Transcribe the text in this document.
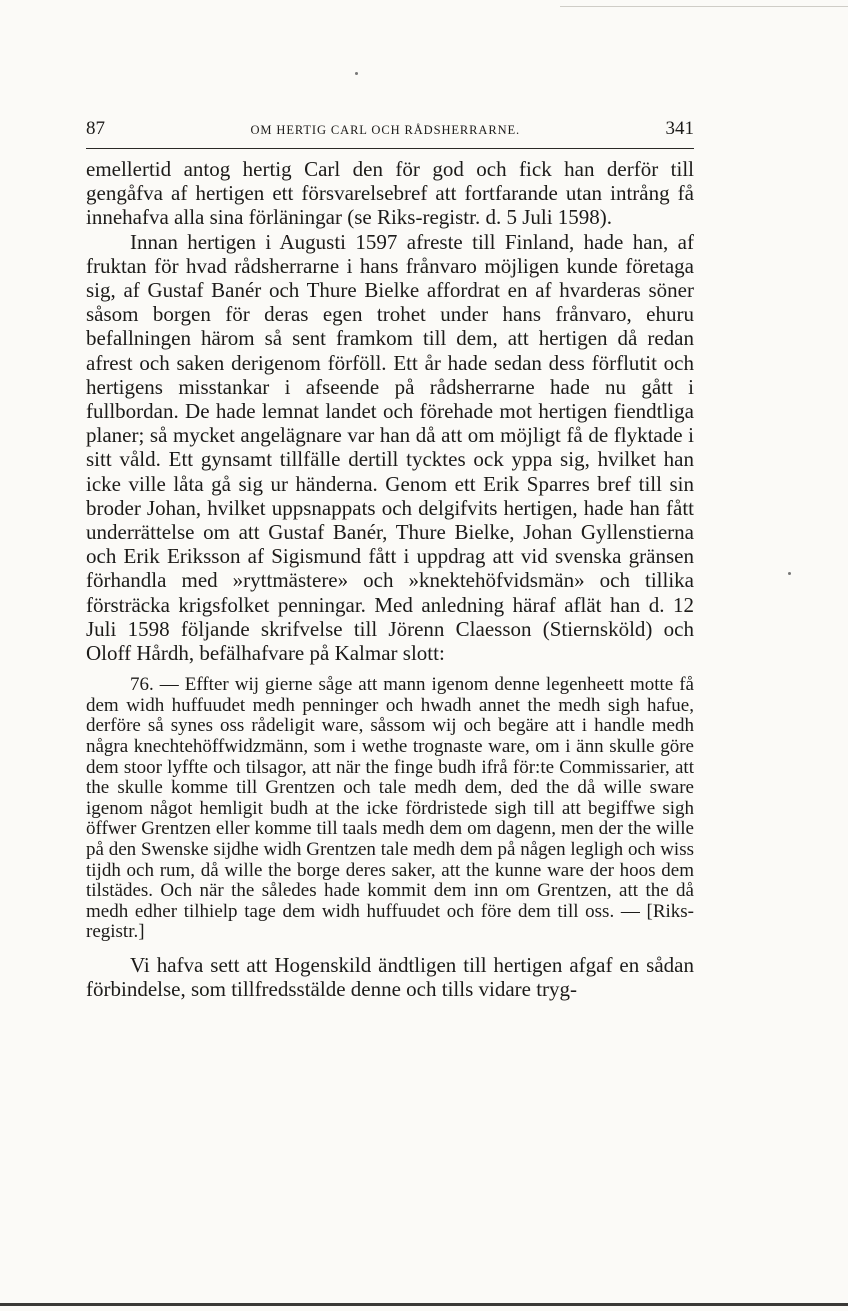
87	OM HERTIG CARL OCH RÅDSHERRARNE.	341

emellertid antog hertig Carl den för god och fick han derför till gengåfva af hertigen ett försvarelsebref att fortfarande utan intrång få innehafva alla sina förläningar (se Riks-registr. d. 5 Juli 1598).

Innan hertigen i Augusti 1597 afreste till Finland, hade han, af fruktan för hvad rådsherrarne i hans frånvaro möjligen kunde företaga sig, af Gustaf Banér och Thure Bielke affordrat en af hvarderas söner såsom borgen för deras egen trohet under hans frånvaro, ehuru befallningen härom så sent framkom till dem, att hertigen då redan afrest och saken derigenom förföll. Ett år hade sedan dess förflutit och hertigens misstankar i afseende på rådsherrarne hade nu gått i fullbordan. De hade lemnat landet och förehade mot hertigen fiendtliga planer; så mycket angelägnare var han då att om möjligt få de flyktade i sitt våld. Ett gynsamt tillfälle dertill tycktes ock yppa sig, hvilket han icke ville låta gå sig ur händerna. Genom ett Erik Sparres bref till sin broder Johan, hvilket uppsnappats och delgifvits hertigen, hade han fått underrättelse om att Gustaf Banér, Thure Bielke, Johan Gyllenstierna och Erik Eriksson af Sigismund fått i uppdrag att vid svenska gränsen förhandla med »ryttmästere» och »knektehöfvidsmän» och tillika försträcka krigsfolket penningar. Med anledning häraf aflät han d. 12 Juli 1598 följande skrifvelse till Jörenn Claesson (Stiernsköld) och Oloff Hårdh, befälhafvare på Kalmar slott:

76. — Effter wij gierne såge att mann igenom denne legenheett motte få dem widh huffuudet medh penninger och hwadh annet the medh sigh hafue, derföre så synes oss rådeligit ware, såssom wij och begäre att i handle medh några knechtehöffwidzmänn, som i wethe trognaste ware, om i änn skulle göre dem stoor lyffte och tilsagor, att när the finge budh ifrå för:te Commissarier, att the skulle komme till Grentzen och tale medh dem, ded the då wille sware igenom något hemligit budh at the icke fördristede sigh till att begiffwe sigh öffwer Grentzen eller komme till taals medh dem om dagenn, men der the wille på den Swenske sijdhe widh Grentzen tale medh dem på någen legligh och wiss tijdh och rum, då wille the borge deres saker, att the kunne ware der hoos dem tilstädes. Och när the således hade kommit dem inn om Grentzen, att the då medh edher tilhielp tage dem widh huffuudet och före dem till oss. — [Riks-registr.]

Vi hafva sett att Hogenskild ändtligen till hertigen afgaf en sådan förbindelse, som tillfredsstälde denne och tills vidare tryg-
